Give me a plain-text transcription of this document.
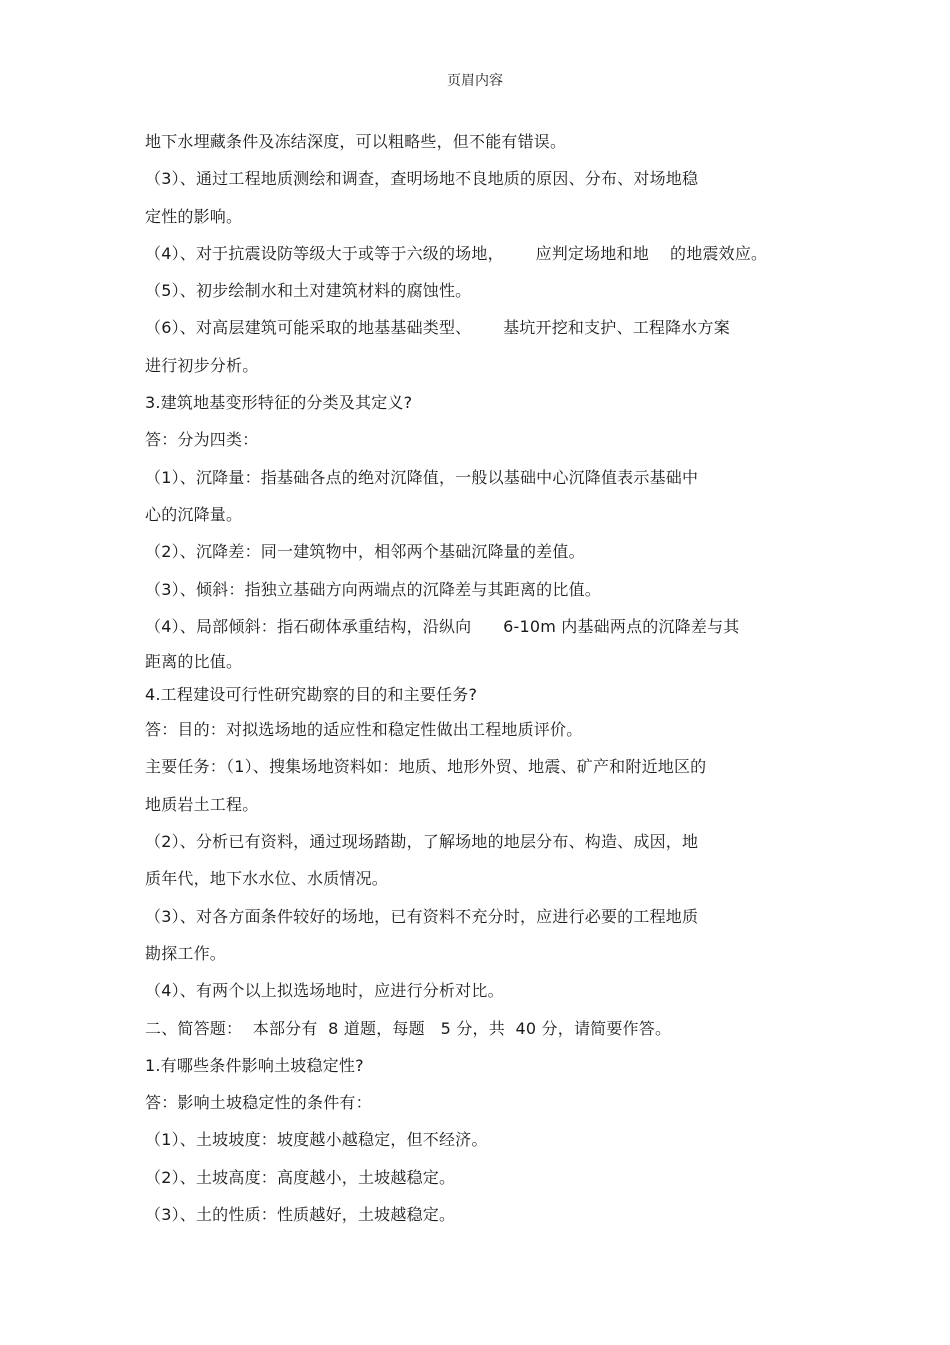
页眉内容
地下水埋藏条件及冻结深度，可以粗略些，但不能有错误。
（3）、通过工程地质测绘和调查，查明场地不良地质的原因、分布、对场地稳
定性的影响。
（4）、对于抗震设防等级大于或等于六级的场地，      应判定场地和地    的地震效应。
（5）、初步绘制水和土对建筑材料的腐蚀性。
（6）、对高层建筑可能采取的地基基础类型、      基坑开挖和支护、工程降水方案
进行初步分析。
3.建筑地基变形特征的分类及其定义?
答：分为四类：
（1）、沉降量：指基础各点的绝对沉降值，一般以基础中心沉降值表示基础中
心的沉降量。
（2）、沉降差：同一建筑物中，相邻两个基础沉降量的差值。
（3）、倾斜：指独立基础方向两端点的沉降差与其距离的比值。
（4）、局部倾斜：指石砌体承重结构，沿纵向      6-10m 内基础两点的沉降差与其
距离的比值。
4.工程建设可行性研究勘察的目的和主要任务?
答：目的：对拟选场地的适应性和稳定性做出工程地质评价。
主要任务：（1）、搜集场地资料如：地质、地形外贸、地震、矿产和附近地区的
地质岩土工程。
（2）、分析已有资料，通过现场踏勘，了解场地的地层分布、构造、成因，地
质年代，地下水水位、水质情况。
（3）、对各方面条件较好的场地，已有资料不充分时，应进行必要的工程地质
勘探工作。
（4）、有两个以上拟选场地时，应进行分析对比。
二、简答题：  本部分有  8 道题，每题   5 分，共  40 分，请简要作答。
1.有哪些条件影响土坡稳定性?
答：影响土坡稳定性的条件有：
（1）、土坡坡度：坡度越小越稳定，但不经济。
（2）、土坡高度：高度越小，土坡越稳定。
（3）、土的性质：性质越好，土坡越稳定。
